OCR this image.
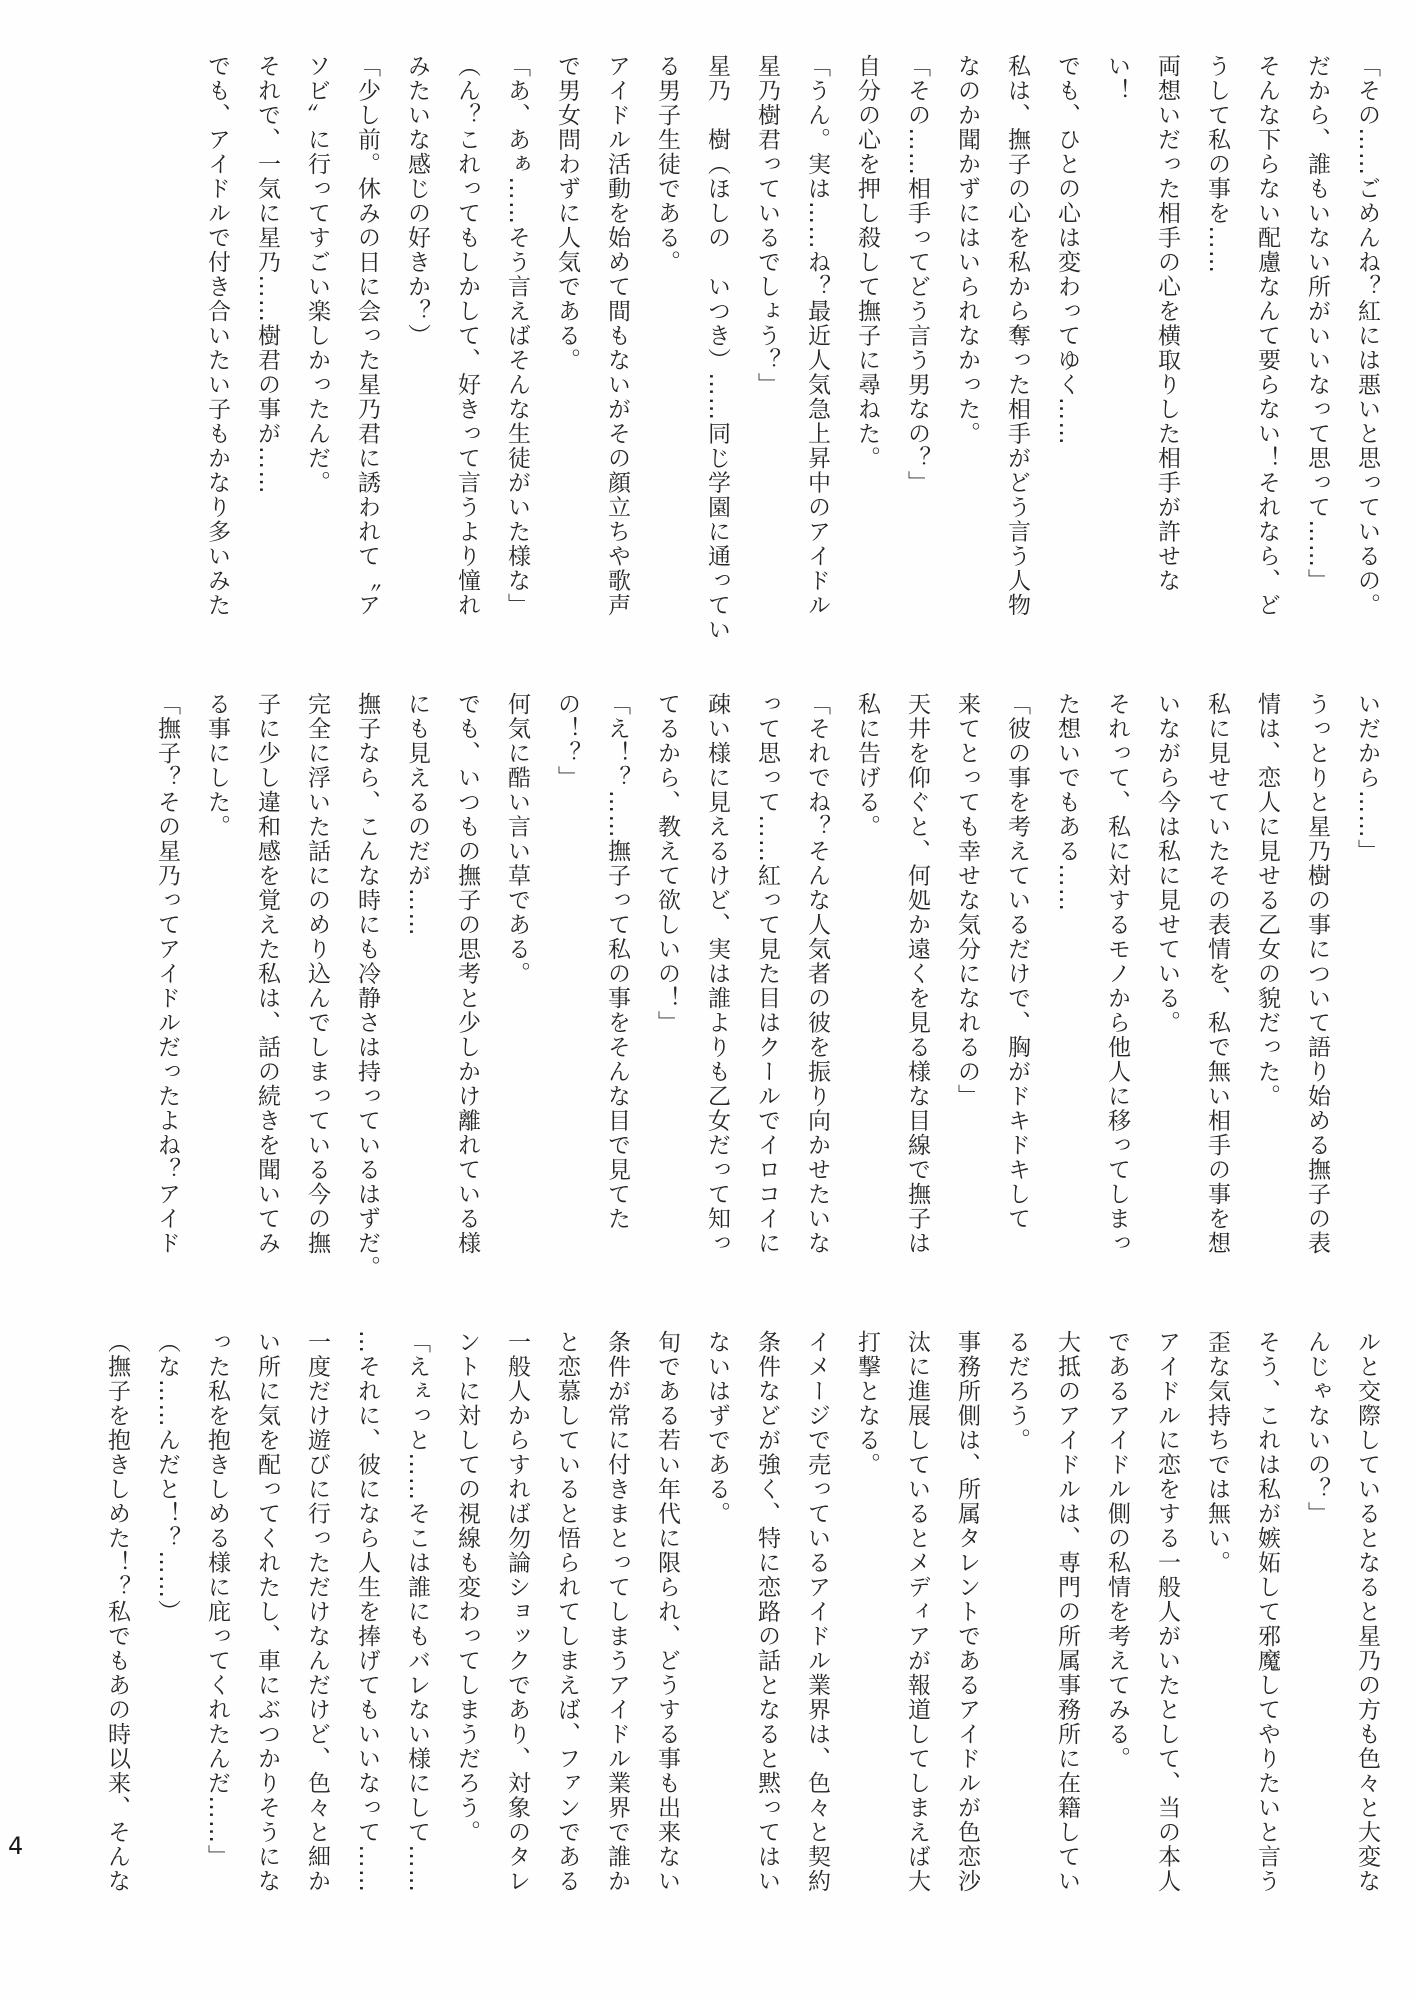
「その……ごめんね？紅には悪いと思っているの。

だから、誰もいない所がいいなって思って……」

そんな下らない配慮なんて要らない！それなら、ど

うして私の事を……

両想いだった相手の心を横取りした相手が許せな

い！

でも、ひとの心は変わってゆく……

私は、撫子の心を私から奪った相手がどう言う人物

なのか聞かずにはいられなかった。

「その……相手ってどう言う男なの？」

自分の心を押し殺して撫子に尋ねた。

「うん。実は……ね？最近人気急上昇中のアイドル

星乃樹君っているでしょう？」

星乃　樹（ほしの　いつき）……同じ学園に通ってい

る男子生徒である。

アイドル活動を始めて間もないがその顔立ちや歌声

で男女問わずに人気である。

「あ、あぁ……そう言えばそんな生徒がいた様な」

（ん？これってもしかして、好きって言うより憧れ

みたいな感じの好きか？）

「少し前。休みの日に会った星乃君に誘われて〝ア

ソビ〟に行ってすごい楽しかったんだ。

それで、一気に星乃……樹君の事が……

でも、アイドルで付き合いたい子もかなり多いみた

いだから……」

うっとりと星乃樹の事について語り始める撫子の表

情は、恋人に見せる乙女の貌だった。

私に見せていたその表情を、私で無い相手の事を想

いながら今は私に見せている。

それって、私に対するモノから他人に移ってしまっ

た想いでもある……

「彼の事を考えているだけで、胸がドキドキして

来てとっても幸せな気分になれるの」

天井を仰ぐと、何処か遠くを見る様な目線で撫子は

私に告げる。

「それでね？そんな人気者の彼を振り向かせたいな

って思って……紅って見た目はクールでイロコイに

疎い様に見えるけど、実は誰よりも乙女だって知っ

てるから、教えて欲しいの！」

「え！？……撫子って私の事をそんな目で見てた

の！？」

何気に酷い言い草である。

でも、いつもの撫子の思考と少しかけ離れている様

にも見えるのだが……

撫子なら、こんな時にも冷静さは持っているはずだ。

完全に浮いた話にのめり込んでしまっている今の撫

子に少し違和感を覚えた私は、話の続きを聞いてみ

る事にした。

「撫子？その星乃ってアイドルだったよね？アイド

ルと交際しているとなると星乃の方も色々と大変な

んじゃないの？」

そう、これは私が嫉妬して邪魔してやりたいと言う

歪な気持ちでは無い。

アイドルに恋をする一般人がいたとして、当の本人

であるアイドル側の私情を考えてみる。

大抵のアイドルは、専門の所属事務所に在籍してい

るだろう。

事務所側は、所属タレントであるアイドルが色恋沙

汰に進展しているとメディアが報道してしまえば大

打撃となる。

イメージで売っているアイドル業界は、色々と契約

条件などが強く、特に恋路の話となると黙ってはい

ないはずである。

旬である若い年代に限られ、どうする事も出来ない

条件が常に付きまとってしまうアイドル業界で誰か

と恋慕していると悟られてしまえば、ファンである

一般人からすれば勿論ショックであり、対象のタレ

ントに対しての視線も変わってしまうだろう。

「えぇっと……そこは誰にもバレない様にして……

…それに、彼になら人生を捧げてもいいなって……

一度だけ遊びに行っただけなんだけど、色々と細か

い所に気を配ってくれたし、車にぶつかりそうにな

った私を抱きしめる様に庇ってくれたんだ……」

（な……んだと！？……）

（撫子を抱きしめた！？私でもあの時以来、そんな

4
